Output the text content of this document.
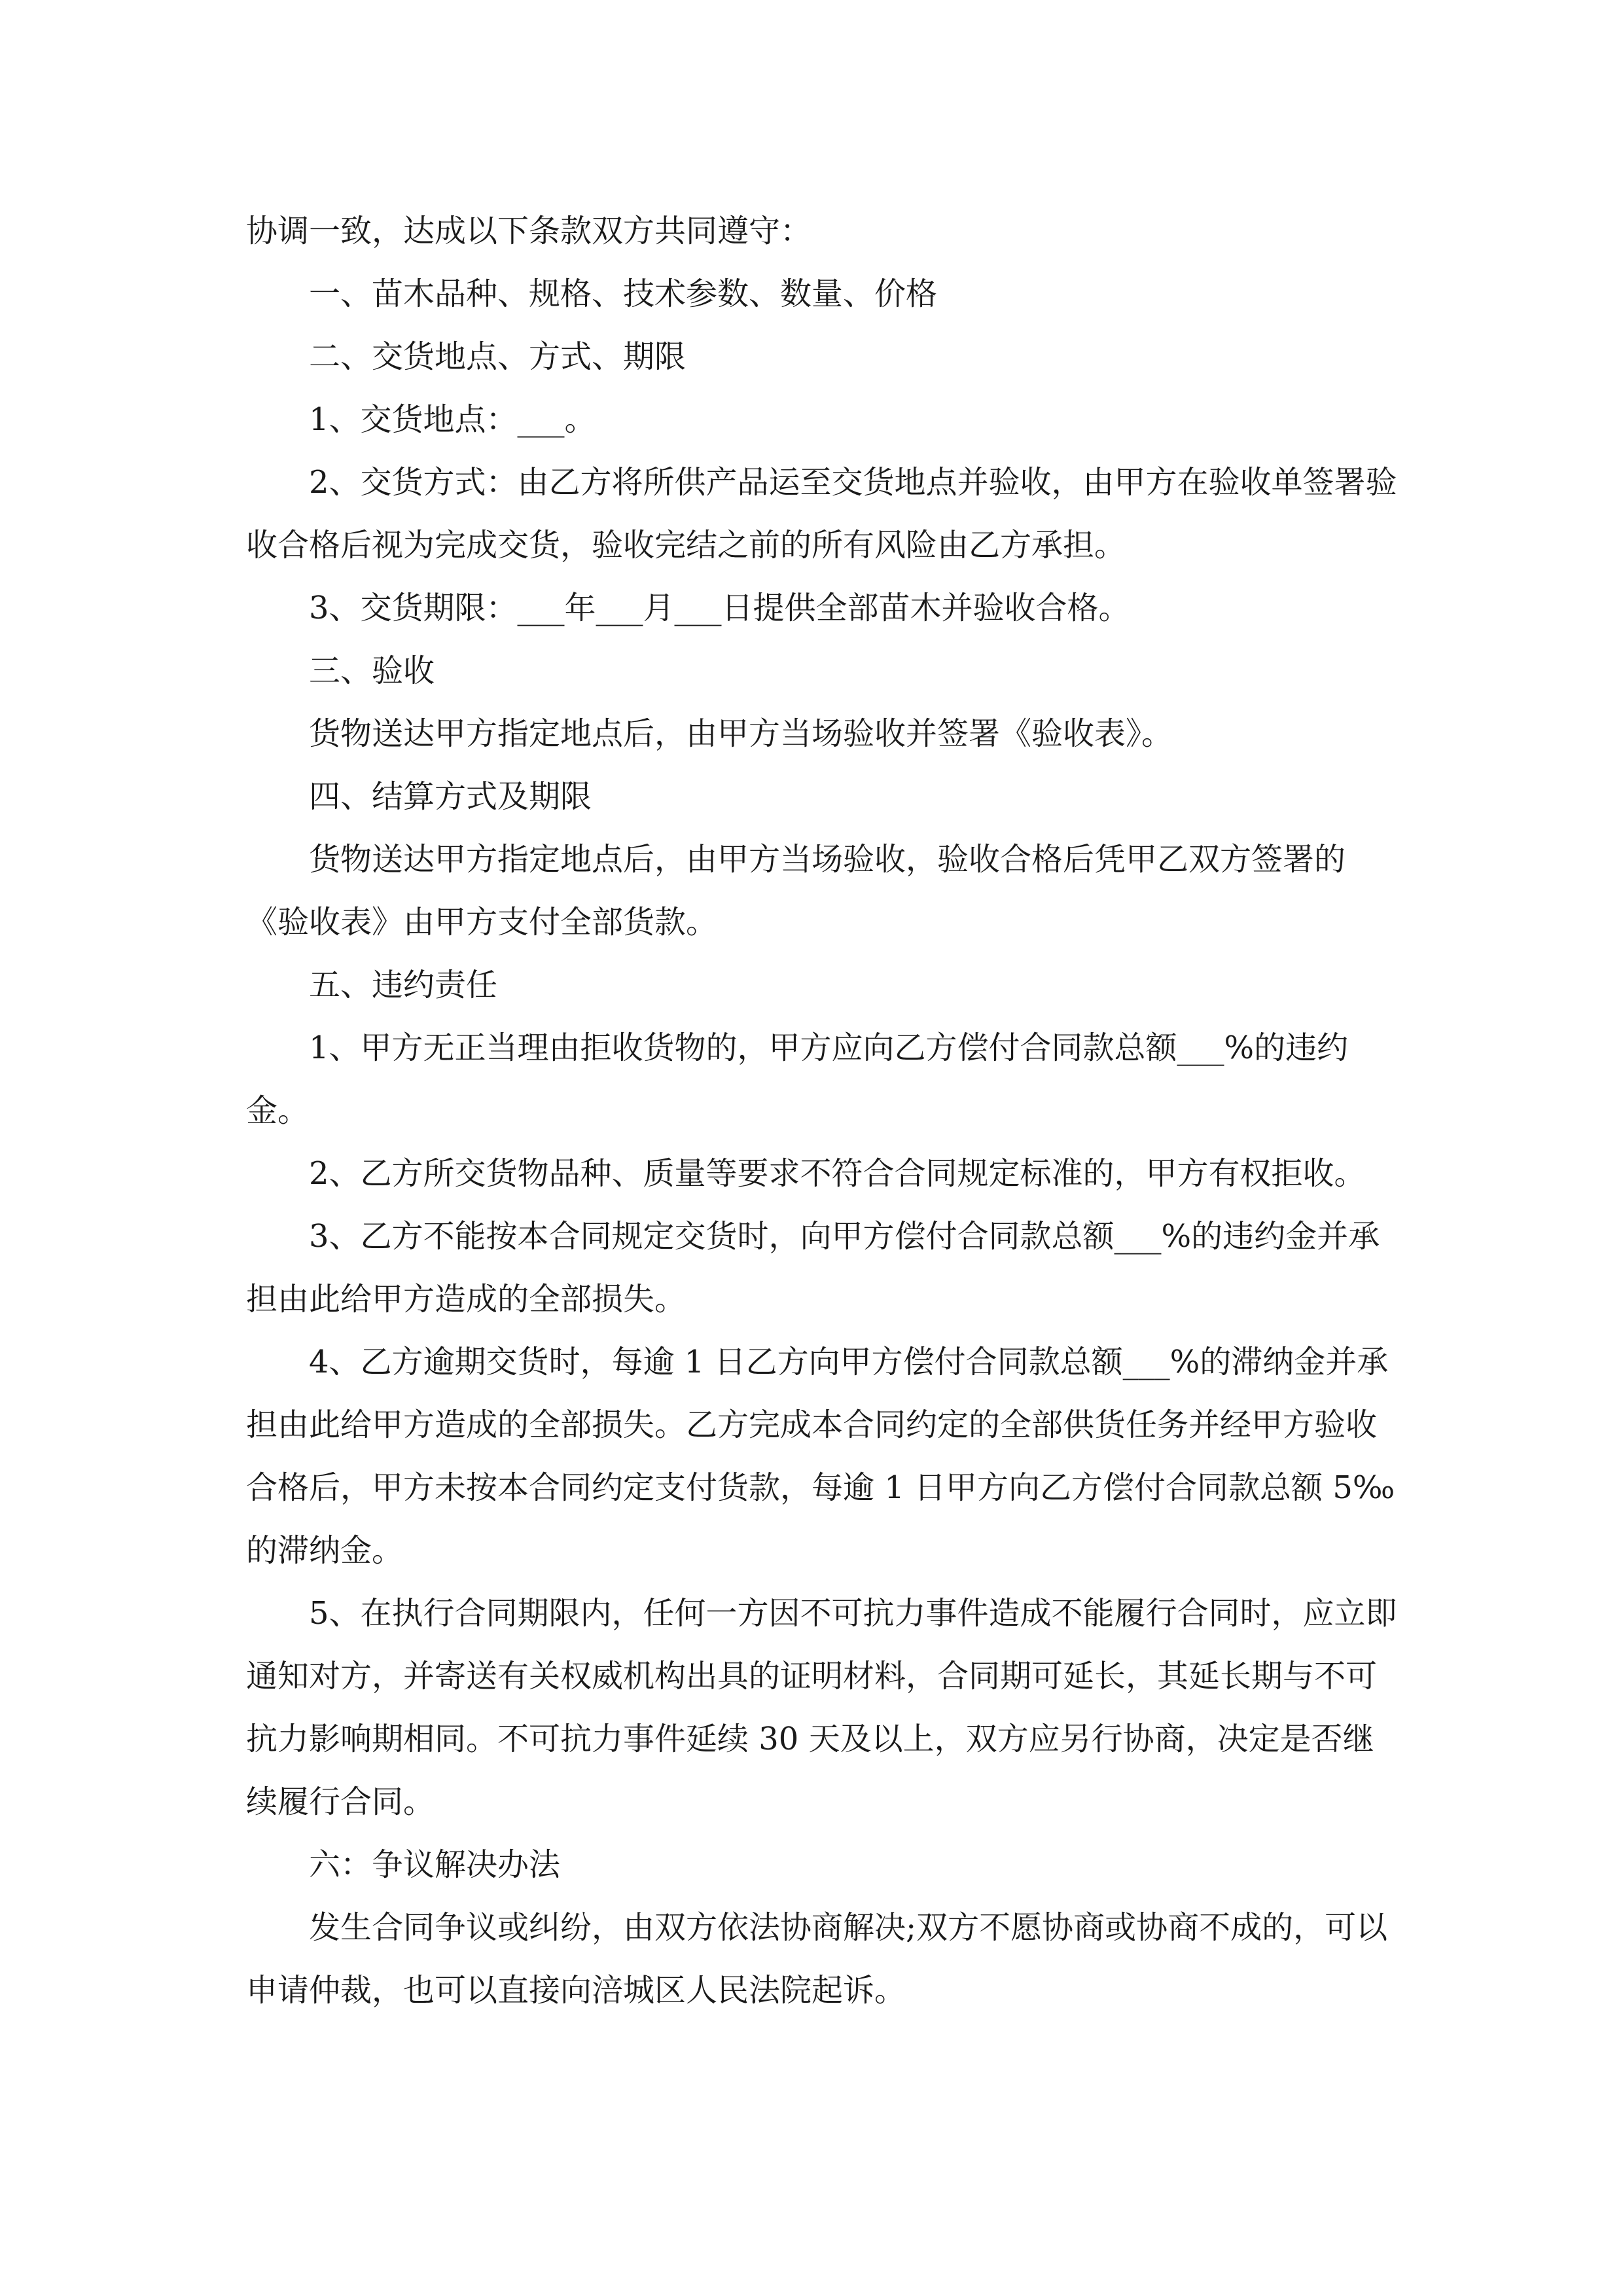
协调一致，达成以下条款双方共同遵守：

一、苗木品种、规格、技术参数、数量、价格

二、交货地点、方式、期限

1、交货地点：___。

2、交货方式：由乙方将所供产品运至交货地点并验收，由甲方在验收单签署验收合格后视为完成交货，验收完结之前的所有风险由乙方承担。

3、交货期限：___年___月___日提供全部苗木并验收合格。

三、验收

货物送达甲方指定地点后，由甲方当场验收并签署《验收表》。

四、结算方式及期限

货物送达甲方指定地点后，由甲方当场验收，验收合格后凭甲乙双方签署的《验收表》由甲方支付全部货款。

五、违约责任

1、甲方无正当理由拒收货物的，甲方应向乙方偿付合同款总额___%的违约金。

2、乙方所交货物品种、质量等要求不符合合同规定标准的，甲方有权拒收。

3、乙方不能按本合同规定交货时，向甲方偿付合同款总额___%的违约金并承担由此给甲方造成的全部损失。

4、乙方逾期交货时，每逾 1 日乙方向甲方偿付合同款总额___%的滞纳金并承担由此给甲方造成的全部损失。乙方完成本合同约定的全部供货任务并经甲方验收合格后，甲方未按本合同约定支付货款，每逾 1 日甲方向乙方偿付合同款总额 5‰的滞纳金。

5、在执行合同期限内，任何一方因不可抗力事件造成不能履行合同时，应立即通知对方，并寄送有关权威机构出具的证明材料，合同期可延长，其延长期与不可抗力影响期相同。不可抗力事件延续 30 天及以上，双方应另行协商，决定是否继续履行合同。

六：争议解决办法

发生合同争议或纠纷，由双方依法协商解决;双方不愿协商或协商不成的，可以申请仲裁，也可以直接向涪城区人民法院起诉。
